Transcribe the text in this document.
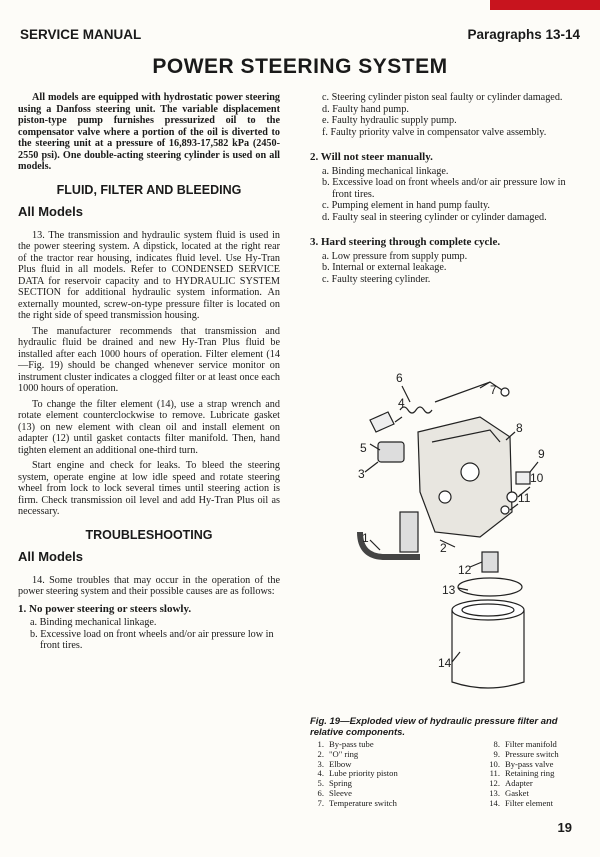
SERVICE MANUAL	Paragraphs 13-14
POWER STEERING SYSTEM

All models are equipped with hydrostatic power steering using a Danfoss steering unit. The variable displacement piston-type pump furnishes pressurized oil to the compensator valve where a portion of the oil is diverted to the steering unit at a pressure of 16,893-17,582 kPa (2450-2550 psi). One double-acting steering cylinder is used on all models.

FLUID, FILTER AND BLEEDING
All Models

13. The transmission and hydraulic system fluid is used in the power steering system. A dipstick, located at the right rear of the tractor rear housing, indicates fluid level. Use Hy-Tran Plus fluid in all models. Refer to CONDENSED SERVICE DATA for reservoir capacity and to HYDRAULIC SYSTEM SECTION for additional hydraulic system information. An externally mounted, screw-on-type pressure filter is located on the right side of speed transmission housing.

The manufacturer recommends that transmission and hydraulic fluid be drained and new Hy-Tran Plus fluid be installed after each 1000 hours of operation. Filter element (14—Fig. 19) should be changed whenever service monitor on instrument cluster indicates a clogged filter or at least once each 1000 hours of operation.

To change the filter element (14), use a strap wrench and rotate element counterclockwise to remove. Lubricate gasket (13) on new element with clean oil and install element on adapter (12) until gasket contacts filter manifold. Then, hand tighten element an additional one-third turn.

Start engine and check for leaks. To bleed the steering system, operate engine at low idle speed and rotate steering wheel from lock to lock several times until steering action is firm. Check transmission oil level and add Hy-Tran Plus oil as necessary.

TROUBLESHOOTING
All Models

14. Some troubles that may occur in the operation of the power steering system and their possible causes are as follows:

1. No power steering or steers slowly.
a. Binding mechanical linkage.
b. Excessive load on front wheels and/or air pressure low in front tires.
c. Steering cylinder piston seal faulty or cylinder damaged.
d. Faulty hand pump.
e. Faulty hydraulic supply pump.
f. Faulty priority valve in compensator valve assembly.
2. Will not steer manually.
a. Binding mechanical linkage.
b. Excessive load on front wheels and/or air pressure low in front tires.
c. Pumping element in hand pump faulty.
d. Faulty seal in steering cylinder or cylinder damaged.
3. Hard steering through complete cycle.
a. Low pressure from supply pump.
b. Internal or external leakage.
c. Faulty steering cylinder.
6
7
4
8
5	9
3	10
11
2
1
12
13
14
Fig. 19—Exploded view of hydraulic pressure filter and relative components.
1. By-pass tube
2. "O" ring
3. Elbow
4. Lube priority piston
5. Spring
6. Sleeve
7. Temperature switch
8. Filter manifold
9. Pressure switch
10. By-pass valve
11. Retaining ring
12. Adapter
13. Gasket
14. Filter element
19
